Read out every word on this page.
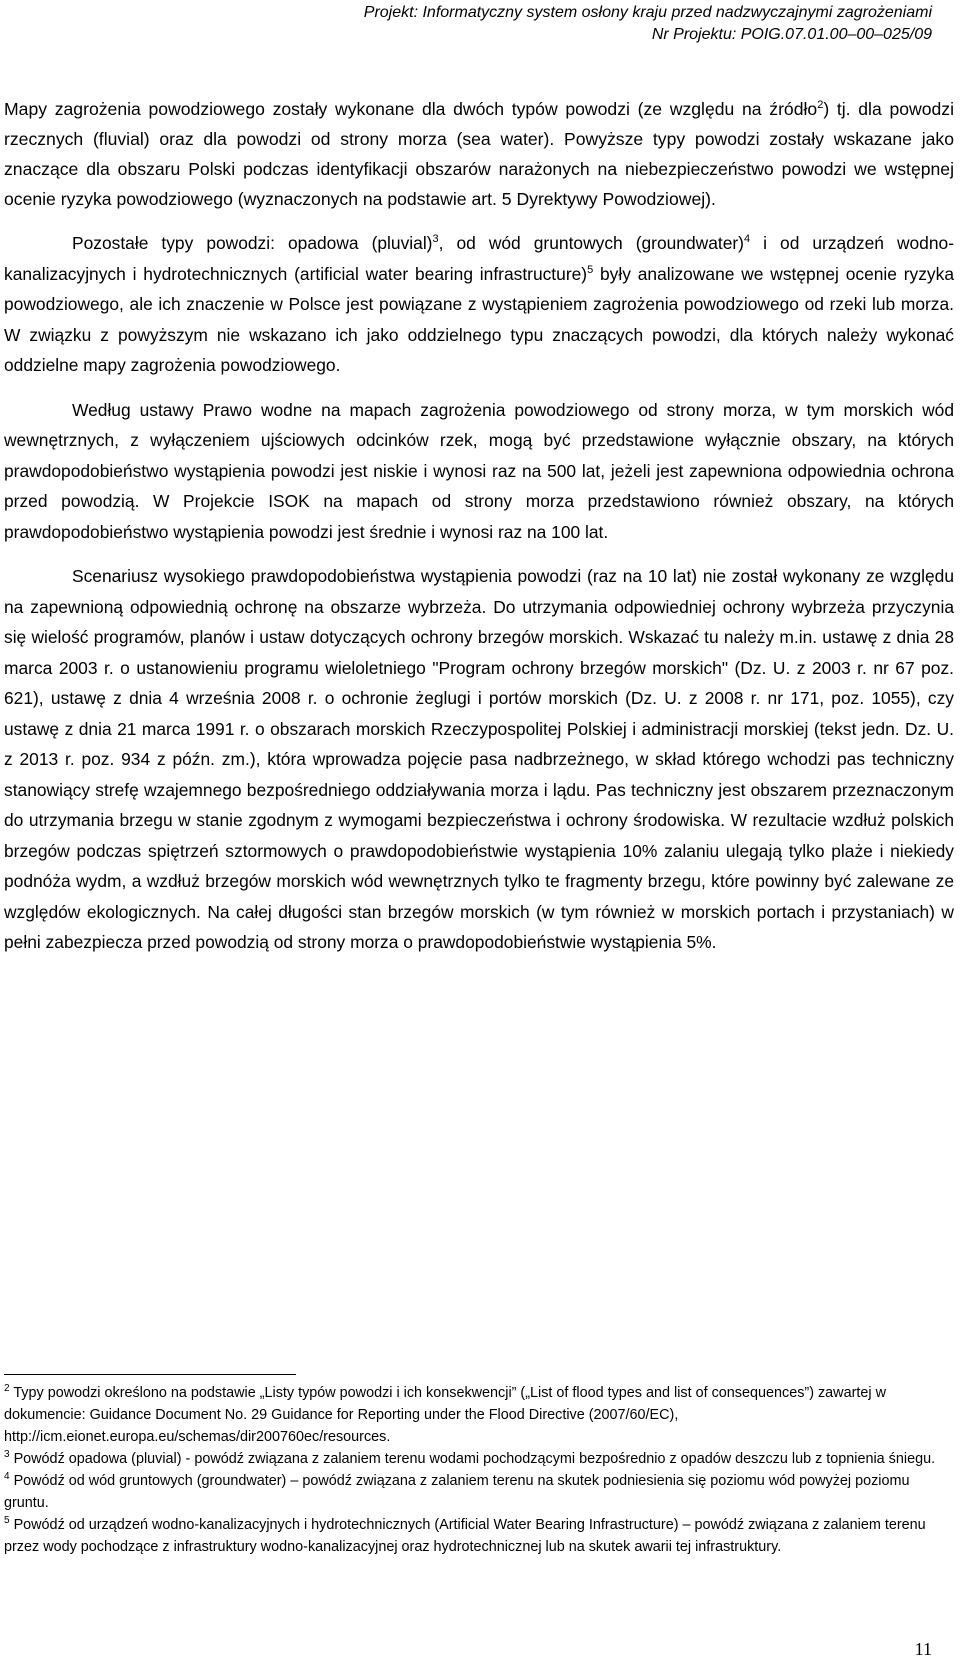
Projekt: Informatyczny system osłony kraju przed nadzwyczajnymi zagrożeniami
Nr Projektu: POIG.07.01.00–00–025/09

Mapy zagrożenia powodziowego zostały wykonane dla dwóch typów powodzi (ze względu na źródło$^2$) tj. dla powodzi rzecznych (fluvial) oraz dla powodzi od strony morza (sea water). Powyższe typy powodzi zostały wskazane jako znaczące dla obszaru Polski podczas identyfikacji obszarów narażonych na niebezpieczeństwo powodzi we wstępnej ocenie ryzyka powodziowego (wyznaczonych na podstawie art. 5 Dyrektywy Powodziowej).

Pozostałe typy powodzi: opadowa (pluvial)$^3$, od wód gruntowych (groundwater)$^4$ i od urządzeń wodno-kanalizacyjnych i hydrotechnicznych (artificial water bearing infrastructure)$^5$ były analizowane we wstępnej ocenie ryzyka powodziowego, ale ich znaczenie w Polsce jest powiązane z wystąpieniem zagrożenia powodziowego od rzeki lub morza. W związku z powyższym nie wskazano ich jako oddzielnego typu znaczących powodzi, dla których należy wykonać oddzielne mapy zagrożenia powodziowego.

Według ustawy Prawo wodne na mapach zagrożenia powodziowego od strony morza, w tym morskich wód wewnętrznych, z wyłączeniem ujściowych odcinków rzek, mogą być przedstawione wyłącznie obszary, na których prawdopodobieństwo wystąpienia powodzi jest niskie i wynosi raz na 500 lat, jeżeli jest zapewniona odpowiednia ochrona przed powodzią. W Projekcie ISOK na mapach od strony morza przedstawiono również obszary, na których prawdopodobieństwo wystąpienia powodzi jest średnie i wynosi raz na 100 lat.

Scenariusz wysokiego prawdopodobieństwa wystąpienia powodzi (raz na 10 lat) nie został wykonany ze względu na zapewnioną odpowiednią ochronę na obszarze wybrzeża. Do utrzymania odpowiedniej ochrony wybrzeża przyczynia się wielość programów, planów i ustaw dotyczących ochrony brzegów morskich. Wskazać tu należy m.in. ustawę z dnia 28 marca 2003 r. o ustanowieniu programu wieloletniego "Program ochrony brzegów morskich" (Dz. U. z 2003 r. nr 67 poz. 621), ustawę z dnia 4 września 2008 r. o ochronie żeglugi i portów morskich (Dz. U. z 2008 r. nr 171, poz. 1055), czy ustawę z dnia 21 marca 1991 r. o obszarach morskich Rzeczypospolitej Polskiej i administracji morskiej (tekst jedn. Dz. U. z 2013 r. poz. 934 z późn. zm.), która wprowadza pojęcie pasa nadbrzeżnego, w skład którego wchodzi pas techniczny stanowiący strefę wzajemnego bezpośredniego oddziaływania morza i lądu. Pas techniczny jest obszarem przeznaczonym do utrzymania brzegu w stanie zgodnym z wymogami bezpieczeństwa i ochrony środowiska. W rezultacie wzdłuż polskich brzegów podczas spiętrzeń sztormowych o prawdopodobieństwie wystąpienia 10% zalaniu ulegają tylko plaże i niekiedy podnóża wydm, a wzdłuż brzegów morskich wód wewnętrznych tylko te fragmenty brzegu, które powinny być zalewane ze względów ekologicznych. Na całej długości stan brzegów morskich (w tym również w morskich portach i przystaniach) w pełni zabezpiecza przed powodzią od strony morza o prawdopodobieństwie wystąpienia 5%.

$^2$ Typy powodzi określono na podstawie „Listy typów powodzi i ich konsekwencji” („List of flood types and list of consequences”) zawartej w dokumencie: Guidance Document No. 29 Guidance for Reporting under the Flood Directive (2007/60/EC), http://icm.eionet.europa.eu/schemas/dir200760ec/resources.

$^3$ Powódź opadowa (pluvial) - powódź związana z zalaniem terenu wodami pochodzącymi bezpośrednio z opadów deszczu lub z topnienia śniegu.

$^4$ Powódź od wód gruntowych (groundwater) – powódź związana z zalaniem terenu na skutek podniesienia się poziomu wód powyżej poziomu gruntu.

$^5$ Powódź od urządzeń wodno-kanalizacyjnych i hydrotechnicznych (Artificial Water Bearing Infrastructure) – powódź związana z zalaniem terenu przez wody pochodzące z infrastruktury wodno-kanalizacyjnej oraz hydrotechnicznej lub na skutek awarii tej infrastruktury.

11
